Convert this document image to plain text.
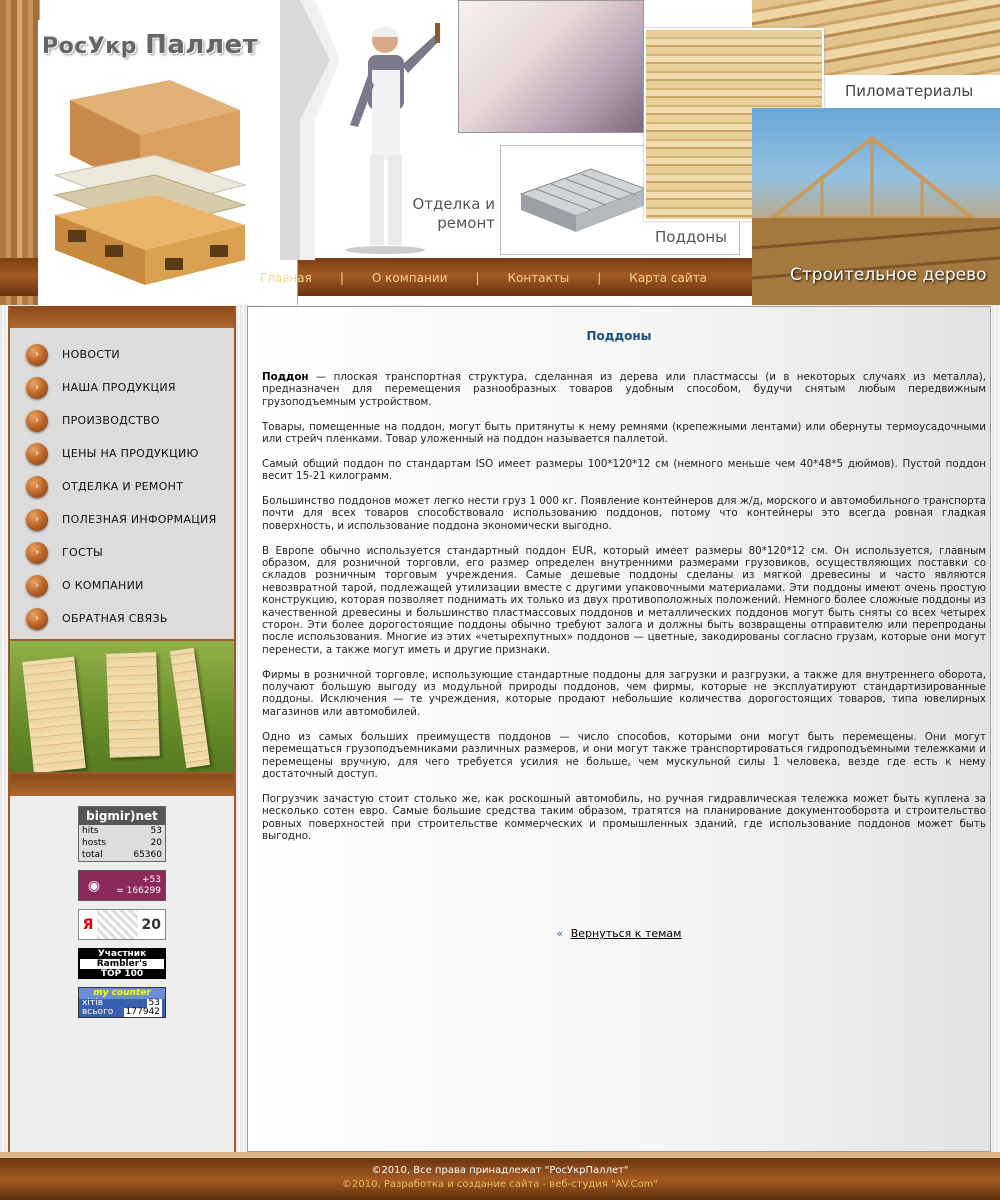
РосУкр Паллет
Отделка и
ремонт
Поддоны
Пиломатериалы
Строительное дерево
Главная | О компании | Контакты | Карта сайта
›	НОВОСТИ
›	НАША ПРОДУКЦИЯ
›	ПРОИЗВОДСТВО
›	ЦЕНЫ НА ПРОДУКЦИЮ
›	ОТДЕЛКА И РЕМОНТ
›	ПОЛЕЗНАЯ ИНФОРМАЦИЯ
›	ГОСТЫ
›	О КОМПАНИИ
›	ОБРАТНАЯ СВЯЗЬ
bigmir)net
hits	53
hosts	20
total	65360
◉	+53
= 166299
Я	20
Участник
Rambler's
TOP 100
my counter
хітів	53
всього 177942
Поддоны

Поддон — плоская транспортная структура, сделанная из дерева или пластмассы (и в некоторых случаях из металла), предназначен для перемещения разнообразных товаров удобным способом, будучи снятым любым передвижным грузоподъемным устройством.

Товары, помещенные на поддон, могут быть притянуты к нему ремнями (крепежными лентами) или обернуты термоусадочными или стрейч пленками. Товар уложенный на поддон называется паллетой.

Самый общий поддон по стандартам ISO имеет размеры 100*120*12 см (немного меньше чем 40*48*5 дюймов). Пустой поддон весит 15-21 килограмм.

Большинство поддонов может легко нести груз 1 000 кг. Появление контейнеров для ж/д, морского и автомобильного транспорта почти для всех товаров способствовало использованию поддонов, потому что контейнеры это всегда ровная гладкая поверхность, и использование поддона экономически выгодно.

В Европе обычно используется стандартный поддон EUR, который имеет размеры 80*120*12 см. Он используется, главным образом, для розничной торговли, его размер определен внутренними размерами грузовиков, осуществляющих поставки со складов розничным торговым учреждения. Самые дешевые поддоны сделаны из мягкой древесины и часто являются невозвратной тарой, подлежащей утилизации вместе с другими упаковочными материалами. Эти поддоны имеют очень простую конструкцию, которая позволяет поднимать их только из двух противоположных положений. Немного более сложные поддоны из качественной древесины и большинство пластмассовых поддонов и металлических поддонов могут быть сняты со всех четырех сторон. Эти более дорогостоящие поддоны обычно требуют залога и должны быть возвращены отправителю или перепроданы после использования. Многие из этих «четырехпутных» поддонов — цветные, закодированы согласно грузам, которые они могут перенести, а также могут иметь и другие признаки.

Фирмы в розничной торговле, использующие стандартные поддоны для загрузки и разгрузки, а также для внутреннего оборота, получают большую выгоду из модульной природы поддонов, чем фирмы, которые не эксплуатируют стандартизированные поддоны. Исключения — те учреждения, которые продают небольшие количества дорогостоящих товаров, типа ювелирных магазинов или автомобилей.

Одно из самых больших преимуществ поддонов — число способов, которыми они могут быть перемещены. Они могут перемещаться грузоподъемниками различных размеров, и они могут также транспортироваться гидроподъемными тележками и перемещены вручную, для чего требуется усилия не больше, чем мускульной силы 1 человека, везде где есть к нему достаточный доступ.

Погрузчик зачастую стоит столько же, как роскошный автомобиль, но ручная гидравлическая тележка может быть куплена за несколько сотен евро. Самые большие средства таким образом, тратятся на планирование документооборота и строительство ровных поверхностей при строительстве коммерческих и промышленных зданий, где использование поддонов может быть выгодно.

« Вернуться к темам
©2010, Все права принадлежат "РосУкрПаллет"
©2010, Разработка и создание сайта - веб-студия "AV.Com"
